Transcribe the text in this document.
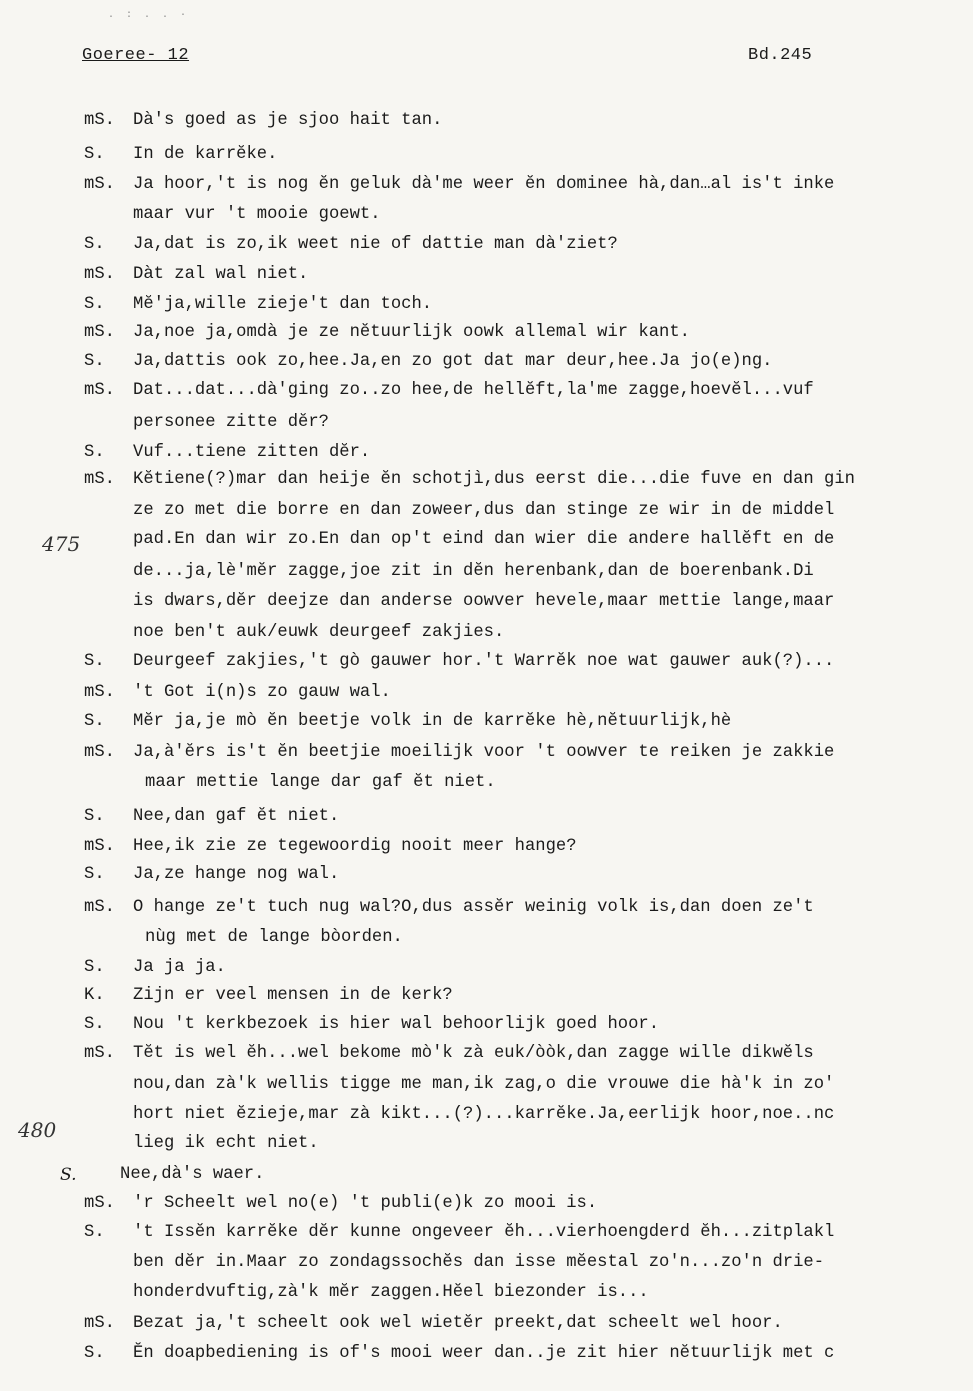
. : . . ·
Goeree- 12	Bd.245
475
480
mS. Dà's goed as je sjoo hait tan.
S. In de karrĕke.
mS. Ja hoor,'t is nog ĕn geluk dà'me weer ĕn dominee hà,dan…al is't inke
maar vur 't mooie goewt.
S. Ja,dat is zo,ik weet nie of dattie man dà'ziet?
mS. Dàt zal wal niet.
S. Mĕ'ja,wille zieje't dan toch.
mS. Ja,noe ja,omdà je ze nĕtuurlijk oowk allemal wir kant.
S. Ja,dattis ook zo,hee.Ja,en zo got dat mar deur,hee.Ja jo(e)ng.
mS. Dat...dat...dà'ging zo..zo hee,de hellĕft,la'me zagge,hoevĕl...vuf
personee zitte dĕr?
S. Vuf...tiene zitten dĕr.
mS. Kĕtiene(?)mar dan heije ĕn schotjì,dus eerst die...die fuve en dan gin
ze zo met die borre en dan zoweer,dus dan stinge ze wir in de middel
pad.En dan wir zo.En dan op't eind dan wier die andere hallĕft en de
de...ja,lè'mĕr zagge,joe zit in dĕn herenbank,dan de boerenbank.Di
is dwars,dĕr deejze dan anderse oowver hevele,maar mettie lange,maar
noe ben't auk/euwk deurgeef zakjies.
S. Deurgeef zakjies,'t gò gauwer hor.'t Warrĕk noe wat gauwer auk(?)...
mS. 't Got i(n)s zo gauw wal.
S. Mĕr ja,je mò ĕn beetje volk in de karrĕke hè,nĕtuurlijk,hè
mS. Ja,à'ĕrs is't ĕn beetjie moeilijk voor 't oowver te reiken je zakkie
maar mettie lange dar gaf ĕt niet.
S. Nee,dan gaf ĕt niet.
mS. Hee,ik zie ze tegewoordig nooit meer hange?
S. Ja,ze hange nog wal.
mS. O hange ze't tuch nug wal?O,dus assĕr weinig volk is,dan doen ze't
nùg met de lange bòorden.
S. Ja ja ja.
K. Zijn er veel mensen in de kerk?
S. Nou 't kerkbezoek is hier wal behoorlijk goed hoor.
mS. Tĕt is wel ĕh...wel bekome mò'k zà euk/òòk,dan zagge wille dikwĕls
nou,dan zà'k wellis tigge me man,ik zag,o die vrouwe die hà'k in zo'
hort niet ĕzieje,mar zà kikt...(?)...karrĕke.Ja,eerlijk hoor,noe..nc
lieg ik echt niet.
S.	Nee,dà's waer.
mS. 'r Scheelt wel no(e) 't publi(e)k zo mooi is.
S. 't Issĕn karrĕke dĕr kunne ongeveer ĕh...vierhoengderd ĕh...zitplakl
ben dĕr in.Maar zo zondagssochĕs dan isse mĕestal zo'n...zo'n drie-
honderdvuftig,zà'k mĕr zaggen.Hĕel biezonder is...
mS. Bezat ja,'t scheelt ook wel wietĕr preekt,dat scheelt wel hoor.
S. Ĕn doapbediening is of's mooi weer dan..je zit hier nĕtuurlijk met c
